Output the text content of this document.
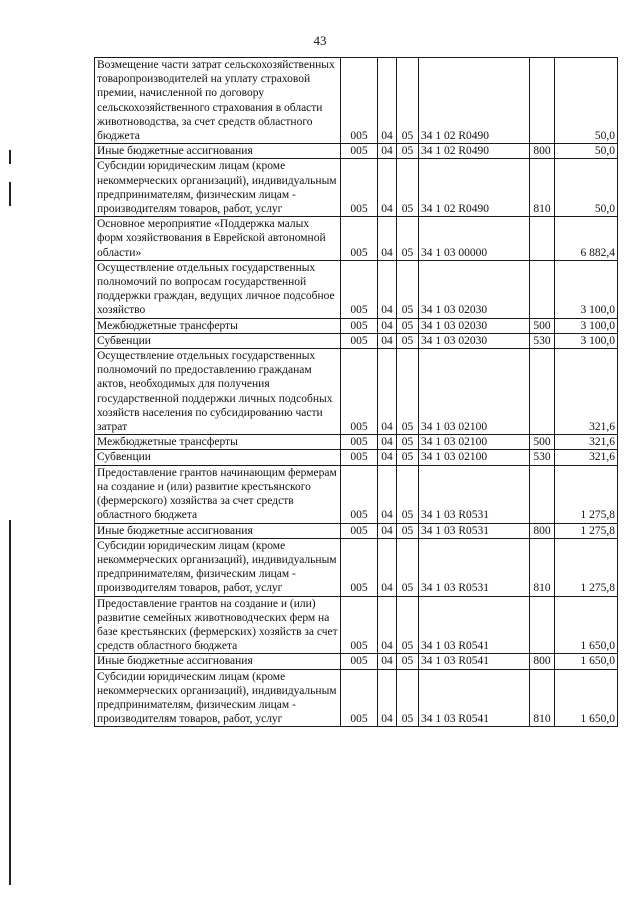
43
Возмещение части затрат сельскохозяйственных товаропроизводителей на уплату страховой премии, начисленной по договору сельскохозяйственного страхования в области животноводства, за счет средств областного бюджета	005	04	05	34 1 02 R0490		50,0
Иные бюджетные ассигнования	005	04	05	34 1 02 R0490	800	50,0
Субсидии юридическим лицам (кроме некоммерческих организаций), индивидуальным предпринимателям, физическим лицам - производителям товаров, работ, услуг	005	04	05	34 1 02 R0490	810	50,0
Основное мероприятие «Поддержка малых форм хозяйствования в Еврейской автономной области»	005	04	05	34 1 03 00000		6 882,4
Осуществление отдельных государственных полномочий по вопросам государственной поддержки граждан, ведущих личное подсобное хозяйство	005	04	05	34 1 03 02030		3 100,0
Межбюджетные трансферты	005	04	05	34 1 03 02030	500	3 100,0
Субвенции	005	04	05	34 1 03 02030	530	3 100,0
Осуществление отдельных государственных полномочий по предоставлению гражданам актов, необходимых для получения государственной поддержки личных подсобных хозяйств населения по субсидированию части затрат	005	04	05	34 1 03 02100		321,6
Межбюджетные трансферты	005	04	05	34 1 03 02100	500	321,6
Субвенции	005	04	05	34 1 03 02100	530	321,6
Предоставление грантов начинающим фермерам на создание и (или) развитие крестьянского (фермерского) хозяйства за счет средств областного бюджета	005	04	05	34 1 03 R0531		1 275,8
Иные бюджетные ассигнования	005	04	05	34 1 03 R0531	800	1 275,8
Субсидии юридическим лицам (кроме некоммерческих организаций), индивидуальным предпринимателям, физическим лицам - производителям товаров, работ, услуг	005	04	05	34 1 03 R0531	810	1 275,8
Предоставление грантов на создание и (или) развитие семейных животноводческих ферм на базе крестьянских (фермерских) хозяйств за счет средств областного бюджета	005	04	05	34 1 03 R0541		1 650,0
Иные бюджетные ассигнования	005	04	05	34 1 03 R0541	800	1 650,0
Субсидии юридическим лицам (кроме некоммерческих организаций), индивидуальным предпринимателям, физическим лицам - производителям товаров, работ, услуг	005	04	05	34 1 03 R0541	810	1 650,0
